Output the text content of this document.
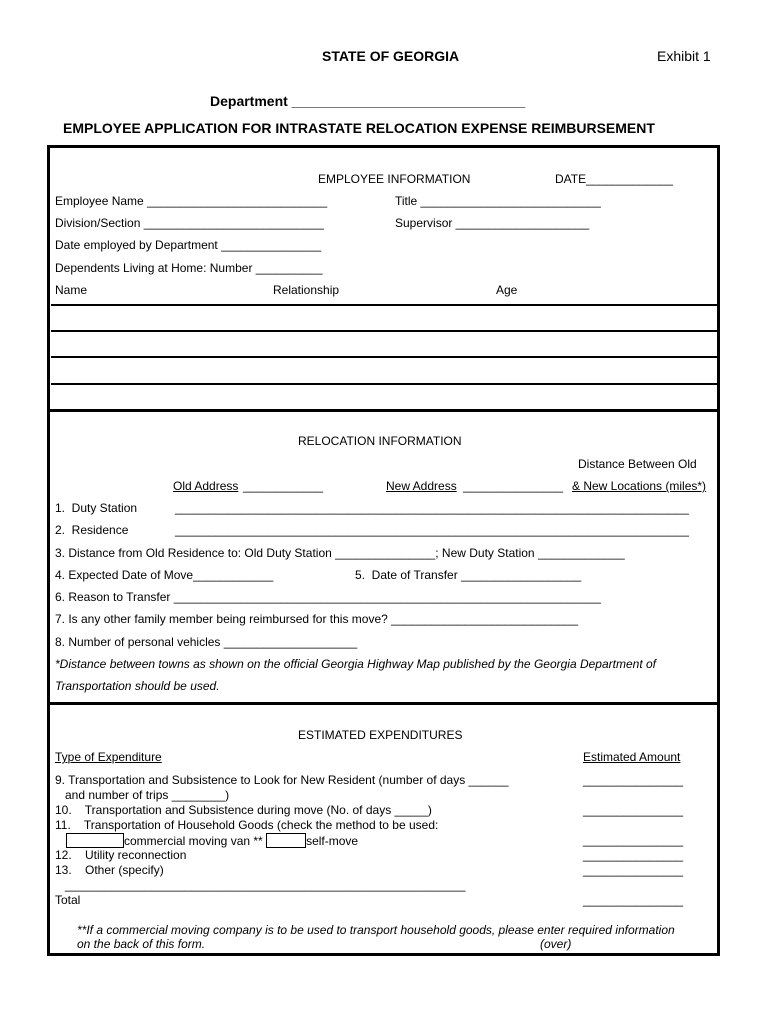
STATE OF GEORGIA	Exhibit 1
Department ______________________________
EMPLOYEE APPLICATION FOR INTRASTATE RELOCATION EXPENSE REIMBURSEMENT
EMPLOYEE INFORMATION	DATE_____________
Employee Name ___________________________	Title ___________________________
Division/Section ___________________________	Supervisor ____________________
Date employed by Department _______________
Dependents Living at Home: Number __________
Name	Relationship	Age
RELOCATION INFORMATION
Distance Between Old
Old Address ____________	New Address _______________ & New Locations (miles*)
1.  Duty Station	_____________________________________________________________________________
2.  Residence	_____________________________________________________________________________
3. Distance from Old Residence to: Old Duty Station _______________; New Duty Station _____________
4. Expected Date of Move____________	5.  Date of Transfer __________________
6. Reason to Transfer ________________________________________________________________
7. Is any other family member being reimbursed for this move? ____________________________
8. Number of personal vehicles ____________________
*Distance between towns as shown on the official Georgia Highway Map published by the Georgia Department of
Transportation should be used.
ESTIMATED EXPENDITURES
Type of Expenditure	Estimated Amount
9. Transportation and Subsistence to Look for New Resident (number of days ______	_______________
and number of trips ________)
10.    Transportation and Subsistence during move (No. of days _____)	_______________
11.    Transportation of Household Goods (check the method to be used:
commercial moving van **	self-move	_______________
12.    Utility reconnection	_______________
13.    Other (specify)	_______________
____________________________________________________________
Total	_______________
**If a commercial moving company is to be used to transport household goods, please enter required information
on the back of this form.	(over)
